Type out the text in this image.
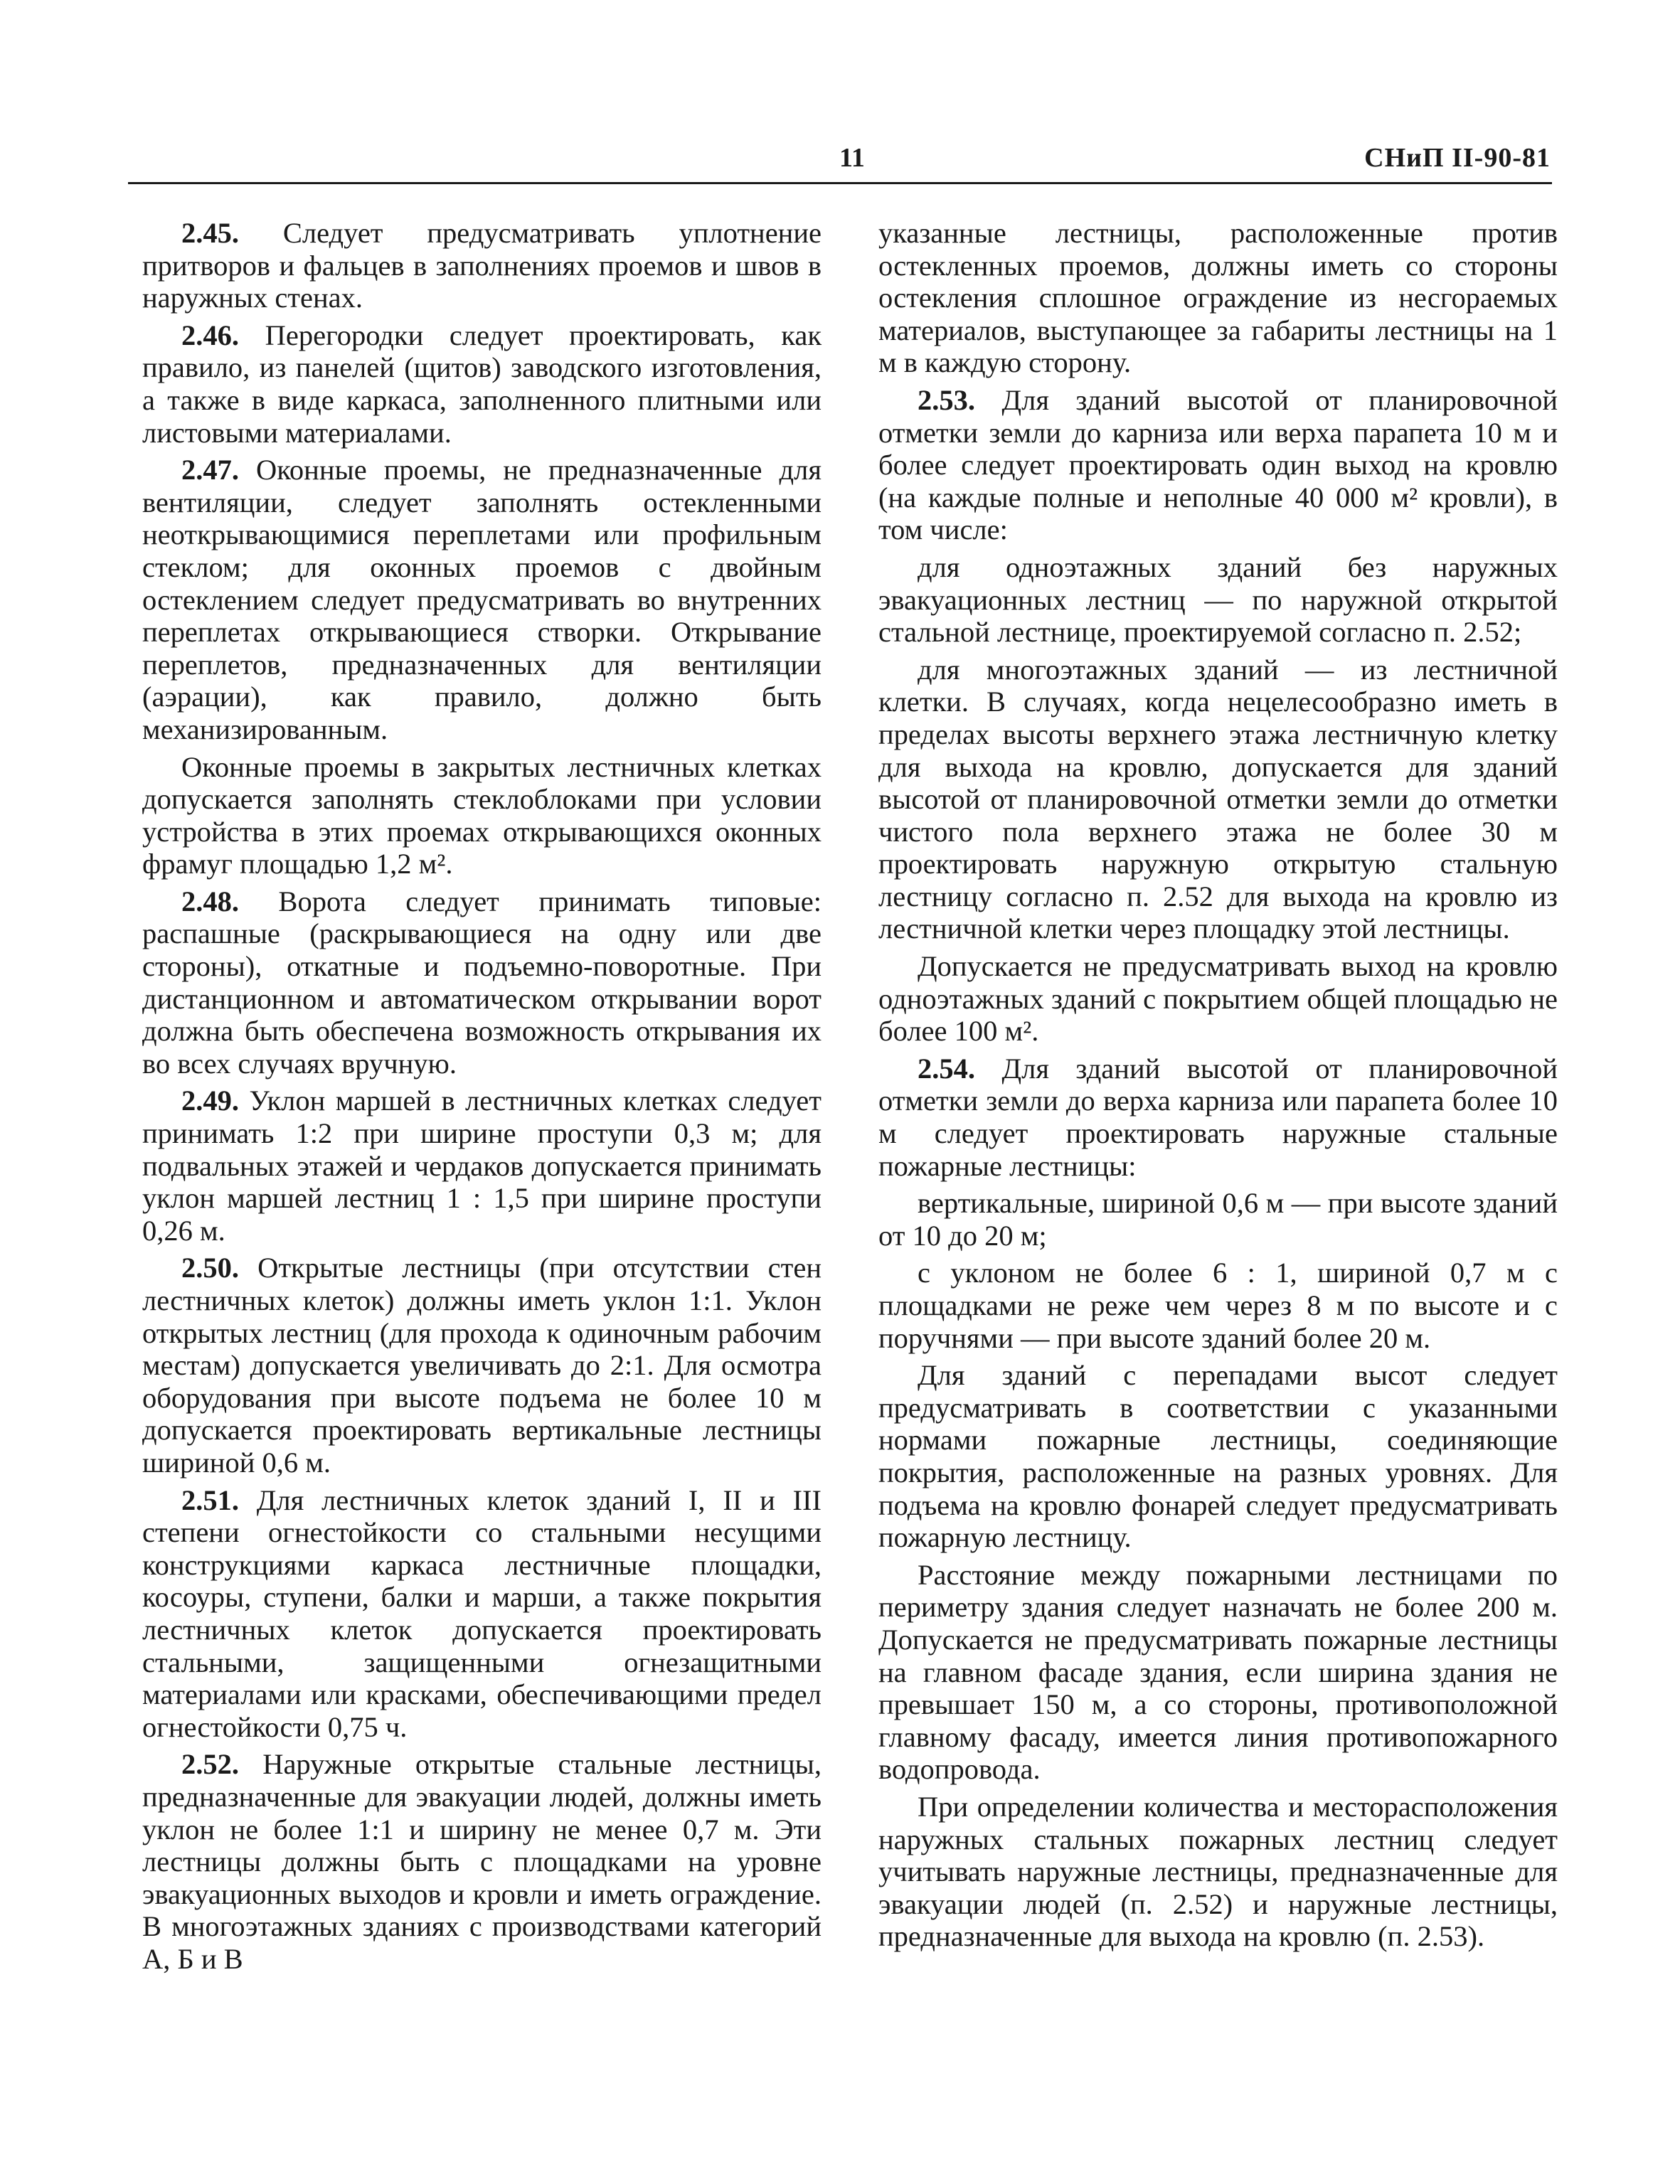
11	СНиП II-90-81

2.45. Следует предусматривать уплотнение притворов и фальцев в заполнениях проемов и швов в наружных стенах.

2.46. Перегородки следует проектировать, как правило, из панелей (щитов) заводского изготовления, а также в виде каркаса, заполненного плитными или листовыми материалами.

2.47. Оконные проемы, не предназначенные для вентиляции, следует заполнять остекленными неоткрывающимися переплетами или профильным стеклом; для оконных проемов с двойным остеклением следует предусматривать во внутренних переплетах открывающиеся створки. Открывание переплетов, предназначенных для вентиляции (аэрации), как правило, должно быть механизированным.

Оконные проемы в закрытых лестничных клетках допускается заполнять стеклоблоками при условии устройства в этих проемах открывающихся оконных фрамуг площадью 1,2 м².

2.48. Ворота следует принимать типовые: распашные (раскрывающиеся на одну или две стороны), откатные и подъемно-поворотные. При дистанционном и автоматическом открывании ворот должна быть обеспечена возможность открывания их во всех случаях вручную.

2.49. Уклон маршей в лестничных клетках следует принимать 1:2 при ширине проступи 0,3 м; для подвальных этажей и чердаков допускается принимать уклон маршей лестниц 1 : 1,5 при ширине проступи 0,26 м.

2.50. Открытые лестницы (при отсутствии стен лестничных клеток) должны иметь уклон 1:1. Уклон открытых лестниц (для прохода к одиночным рабочим местам) допускается увеличивать до 2:1. Для осмотра оборудования при высоте подъема не более 10 м допускается проектировать вертикальные лестницы шириной 0,6 м.

2.51. Для лестничных клеток зданий I, II и III степени огнестойкости со стальными несущими конструкциями каркаса лестничные площадки, косоуры, ступени, балки и марши, а также покрытия лестничных клеток допускается проектировать стальными, защищенными огнезащитными материалами или красками, обеспечивающими предел огнестойкости 0,75 ч.

2.52. Наружные открытые стальные лестницы, предназначенные для эвакуации людей, должны иметь уклон не более 1:1 и ширину не менее 0,7 м. Эти лестницы должны быть с площадками на уровне эвакуационных выходов и кровли и иметь ограждение. В многоэтажных зданиях с производствами категорий А, Б и В

указанные лестницы, расположенные против остекленных проемов, должны иметь со стороны остекления сплошное ограждение из несгораемых материалов, выступающее за габариты лестницы на 1 м в каждую сторону.

2.53. Для зданий высотой от планировочной отметки земли до карниза или верха парапета 10 м и более следует проектировать один выход на кровлю (на каждые полные и неполные 40 000 м² кровли), в том числе:

для одноэтажных зданий без наружных эвакуационных лестниц — по наружной открытой стальной лестнице, проектируемой согласно п. 2.52;

для многоэтажных зданий — из лестничной клетки. В случаях, когда нецелесообразно иметь в пределах высоты верхнего этажа лестничную клетку для выхода на кровлю, допускается для зданий высотой от планировочной отметки земли до отметки чистого пола верхнего этажа не более 30 м проектировать наружную открытую стальную лестницу согласно п. 2.52 для выхода на кровлю из лестничной клетки через площадку этой лестницы.

Допускается не предусматривать выход на кровлю одноэтажных зданий с покрытием общей площадью не более 100 м².

2.54. Для зданий высотой от планировочной отметки земли до верха карниза или парапета более 10 м следует проектировать наружные стальные пожарные лестницы:

вертикальные, шириной 0,6 м — при высоте зданий от 10 до 20 м;

с уклоном не более 6 : 1, шириной 0,7 м с площадками не реже чем через 8 м по высоте и с поручнями — при высоте зданий более 20 м.

Для зданий с перепадами высот следует предусматривать в соответствии с указанными нормами пожарные лестницы, соединяющие покрытия, расположенные на разных уровнях. Для подъема на кровлю фонарей следует предусматривать пожарную лестницу.

Расстояние между пожарными лестницами по периметру здания следует назначать не более 200 м. Допускается не предусматривать пожарные лестницы на главном фасаде здания, если ширина здания не превышает 150 м, а со стороны, противоположной главному фасаду, имеется линия противопожарного водопровода.

При определении количества и месторасположения наружных стальных пожарных лестниц следует учитывать наружные лестницы, предназначенные для эвакуации людей (п. 2.52) и наружные лестницы, предназначенные для выхода на кровлю (п. 2.53).
